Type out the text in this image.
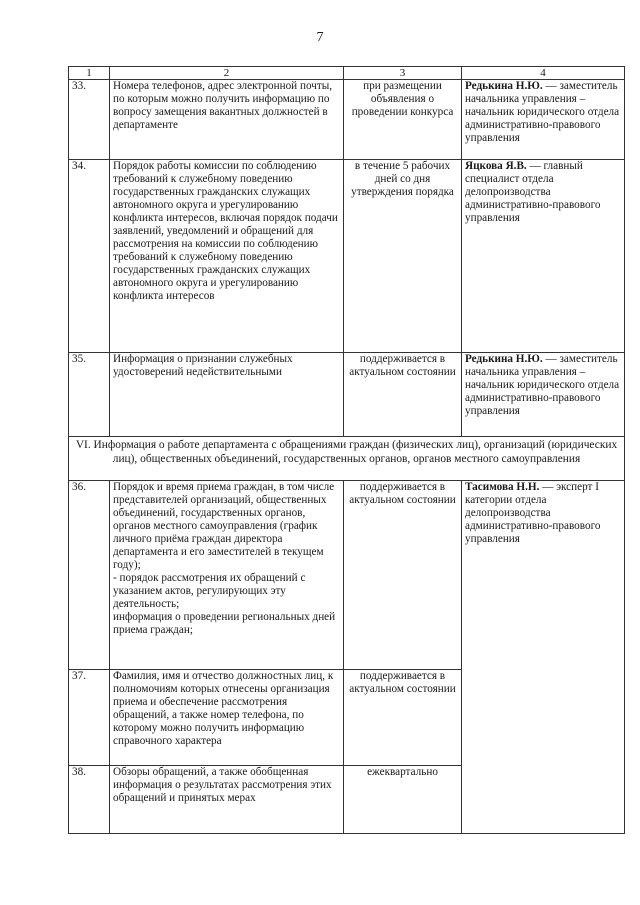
7
1	2	3	4
33.	Номера телефонов, адрес электронной почты, по которым можно получить информацию по вопросу замещения вакантных должностей в департаменте	при размещении объявления о проведении конкурса	Редькина Н.Ю. — заместитель начальника управления – начальник юридического отдела административно-правового управления
34.	Порядок работы комиссии по соблюдению требований к служебному поведению государственных гражданских служащих автономного округа и урегулированию конфликта интересов, включая порядок подачи заявлений, уведомлений и обращений для рассмотрения на комиссии по соблюдению требований к служебному поведению государственных гражданских служащих автономного округа и урегулированию конфликта интересов	в течение 5 рабочих дней со дня утверждения порядка	Яцкова Я.В. — главный специалист отдела делопроизводства административно-правового управления
35.	Информация о признании служебных удостоверений недействительными	поддерживается в актуальном состоянии	Редькина Н.Ю. — заместитель начальника управления – начальник юридического отдела административно-правового управления
VI. Информация о работе департамента с обращениями граждан (физических лиц), организаций (юридических лиц), общественных объединений, государственных органов, органов местного самоуправления			
36.	Порядок и время приема граждан, в том числе представителей организаций, общественных объединений, государственных органов, органов местного самоуправления (график личного приёма граждан директора департамента и его заместителей в текущем году);
- порядок рассмотрения их обращений с указанием актов, регулирующих эту деятельность;
информация о проведении региональных дней приема граждан;	поддерживается в актуальном состоянии	Тасимова Н.Н. — эксперт I категории отдела делопроизводства административно-правового управления
37.	Фамилия, имя и отчество должностных лиц, к полномочиям которых отнесены организация приема и обеспечение рассмотрения обращений, а также номер телефона, по которому можно получить информацию справочного характера	поддерживается в актуальном состоянии	
38.	Обзоры обращений, а также обобщенная информация о результатах рассмотрения этих обращений и принятых мерах	ежеквартально	
